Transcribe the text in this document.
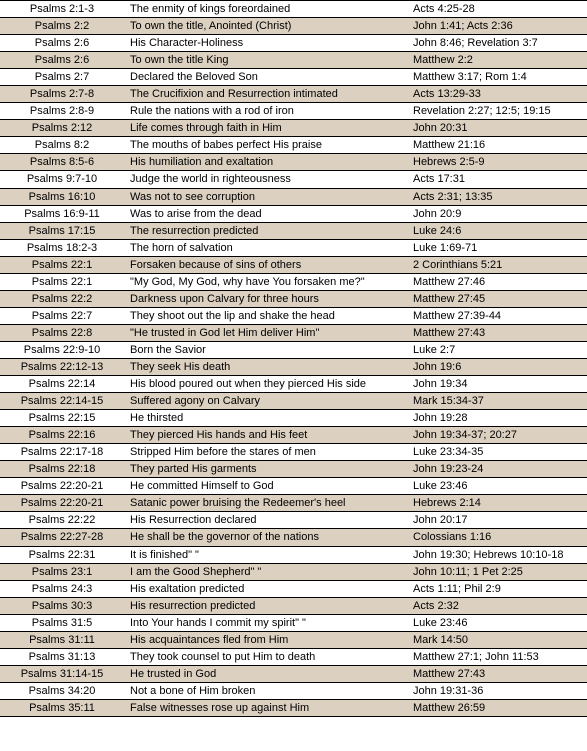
Psalms 2:1-3	The enmity of kings foreordained	Acts 4:25-28
Psalms 2:2	To own the title, Anointed (Christ)	John 1:41; Acts 2:36
Psalms 2:6	His Character-Holiness	John 8:46; Revelation 3:7
Psalms 2:6	To own the title King	Matthew 2:2
Psalms 2:7	Declared the Beloved Son	Matthew 3:17; Rom 1:4
Psalms 2:7-8	The Crucifixion and Resurrection intimated	Acts 13:29-33
Psalms 2:8-9	Rule the nations with a rod of iron	Revelation 2:27; 12:5; 19:15
Psalms 2:12	Life comes through faith in Him	John 20:31
Psalms 8:2	The mouths of babes perfect His praise	Matthew 21:16
Psalms 8:5-6	His humiliation and exaltation	Hebrews 2:5-9
Psalms 9:7-10	Judge the world in righteousness	Acts 17:31
Psalms 16:10	Was not to see corruption	Acts 2:31; 13:35
Psalms 16:9-11	Was to arise from the dead	John 20:9
Psalms 17:15	The resurrection predicted	Luke 24:6
Psalms 18:2-3	The horn of salvation	Luke 1:69-71
Psalms 22:1	Forsaken because of sins of others	2 Corinthians 5:21
Psalms 22:1	"My God, My God, why have You forsaken me?"	Matthew 27:46
Psalms 22:2	Darkness upon Calvary for three hours	Matthew 27:45
Psalms 22:7	They shoot out the lip and shake the head	Matthew 27:39-44
Psalms 22:8	"He trusted in God let Him deliver Him"	Matthew 27:43
Psalms 22:9-10	Born the Savior	Luke 2:7
Psalms 22:12-13	They seek His death	John 19:6
Psalms 22:14	His blood poured out when they pierced His side	John 19:34
Psalms 22:14-15	Suffered agony on Calvary	Mark 15:34-37
Psalms 22:15	He thirsted	John 19:28
Psalms 22:16	They pierced His hands and His feet	John 19:34-37; 20:27
Psalms 22:17-18	Stripped Him before the stares of men	Luke 23:34-35
Psalms 22:18	They parted His garments	John 19:23-24
Psalms 22:20-21	He committed Himself to God	Luke 23:46
Psalms 22:20-21	Satanic power bruising the Redeemer's heel	Hebrews 2:14
Psalms 22:22	His Resurrection declared	John 20:17
Psalms 22:27-28	He shall be the governor of the nations	Colossians 1:16
Psalms 22:31	It is finished" "	John 19:30; Hebrews 10:10-18
Psalms 23:1	I am the Good Shepherd" "	John 10:11; 1 Pet 2:25
Psalms 24:3	His exaltation predicted	Acts 1:11; Phil 2:9
Psalms 30:3	His resurrection predicted	Acts 2:32
Psalms 31:5	Into Your hands I commit my spirit" "	Luke 23:46
Psalms 31:11	His acquaintances fled from Him	Mark 14:50
Psalms 31:13	They took counsel to put Him to death	Matthew 27:1; John 11:53
Psalms 31:14-15	He trusted in God	Matthew 27:43
Psalms 34:20	Not a bone of Him broken	John 19:31-36
Psalms 35:11	False witnesses rose up against Him	Matthew 26:59
